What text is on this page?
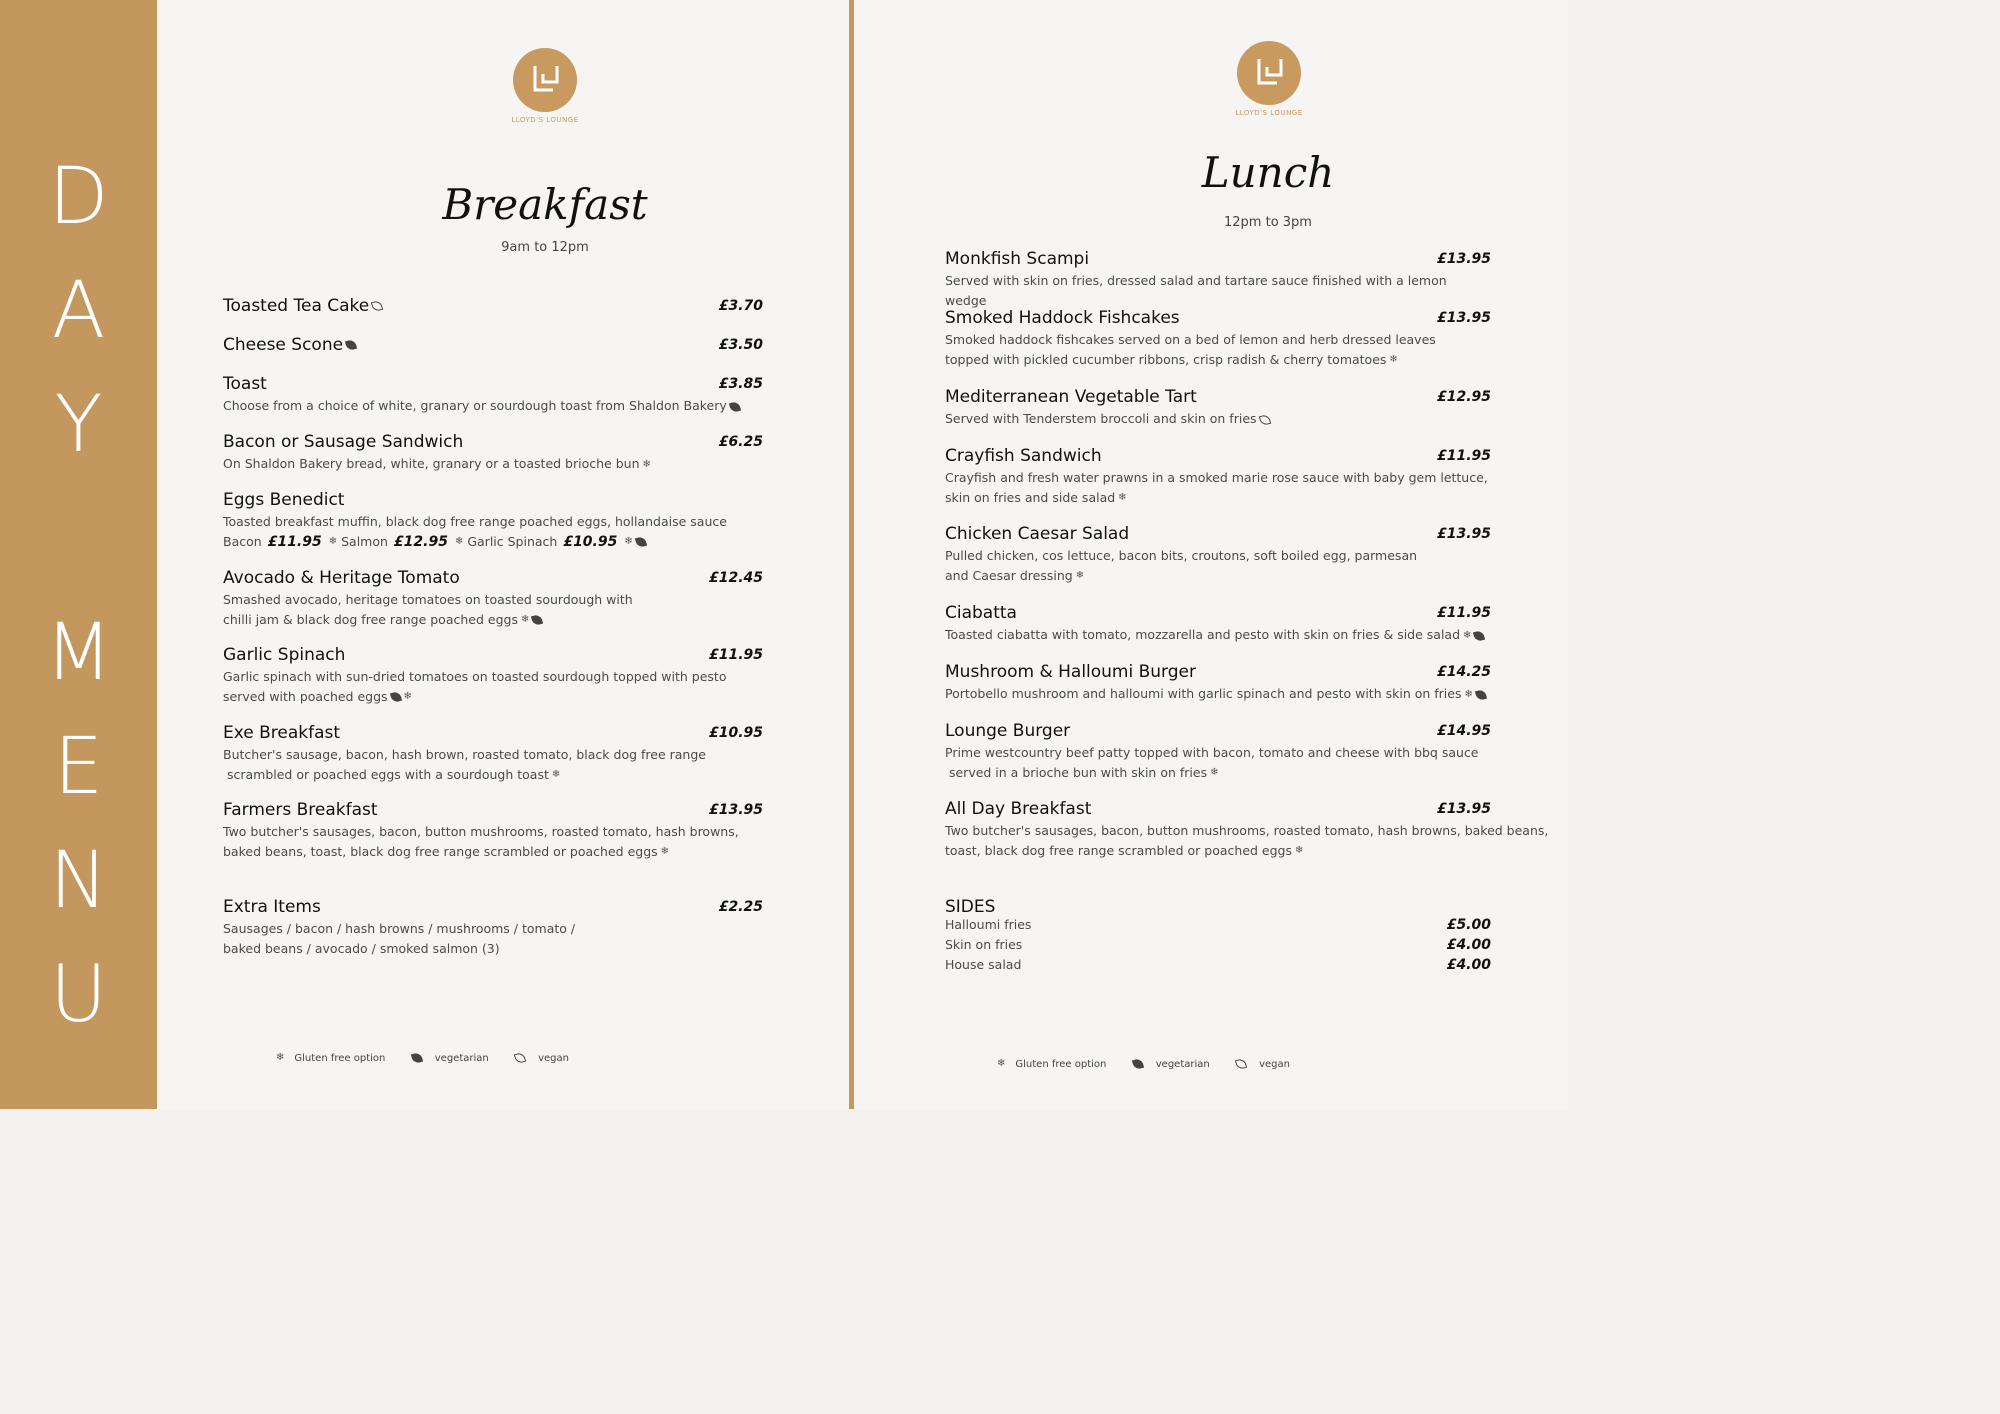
D
A
Y
M
E
N
U
LLOYD'S LOUNGE
Breakfast
9am to 12pm
Toasted Tea Cake	£3.70
Cheese Scone	£3.50
Toast	£3.85
Choose from a choice of white, granary or sourdough toast from Shaldon Bakery
Bacon or Sausage Sandwich	£6.25
On Shaldon Bakery bread, white, granary or a toasted brioche bun ❄
Eggs Benedict
Toasted breakfast muffin, black dog free range poached eggs, hollandaise sauce
Bacon £11.95 ❄ Salmon £12.95 ❄ Garlic Spinach £10.95 ❄
Avocado & Heritage Tomato	£12.45
Smashed avocado, heritage tomatoes on toasted sourdough with
chilli jam & black dog free range poached eggs ❄
Garlic Spinach	£11.95
Garlic spinach with sun-dried tomatoes on toasted sourdough topped with pesto
served with poached eggs ❄
Exe Breakfast	£10.95
Butcher's sausage, bacon, hash brown, roasted tomato, black dog free range
scrambled or poached eggs with a sourdough toast ❄
Farmers Breakfast	£13.95
Two butcher's sausages, bacon, button mushrooms, roasted tomato, hash browns,
baked beans, toast, black dog free range scrambled or poached eggs ❄
Extra Items	£2.25
Sausages / bacon / hash browns / mushrooms / tomato /
baked beans / avocado / smoked salmon (3)
❄ Gluten free option	vegetarian	vegan
LLOYD'S LOUNGE
Lunch
12pm to 3pm
Monkfish Scampi	£13.95
Served with skin on fries, dressed salad and tartare sauce finished with a lemon wedge
Smoked Haddock Fishcakes	£13.95
Smoked haddock fishcakes served on a bed of lemon and herb dressed leaves
topped with pickled cucumber ribbons, crisp radish & cherry tomatoes ❄
Mediterranean Vegetable Tart	£12.95
Served with Tenderstem broccoli and skin on fries
Crayfish Sandwich	£11.95
Crayfish and fresh water prawns in a smoked marie rose sauce with baby gem lettuce,
skin on fries and side salad ❄
Chicken Caesar Salad	£13.95
Pulled chicken, cos lettuce, bacon bits, croutons, soft boiled egg, parmesan
and Caesar dressing ❄
Ciabatta	£11.95
Toasted ciabatta with tomato, mozzarella and pesto with skin on fries & side salad ❄
Mushroom & Halloumi Burger	£14.25
Portobello mushroom and halloumi with garlic spinach and pesto with skin on fries ❄
Lounge Burger	£14.95
Prime westcountry beef patty topped with bacon, tomato and cheese with bbq sauce
served in a brioche bun with skin on fries ❄
All Day Breakfast	£13.95
Two butcher's sausages, bacon, button mushrooms, roasted tomato, hash browns, baked beans,
toast, black dog free range scrambled or poached eggs ❄
SIDES
Halloumi fries	£5.00
Skin on fries	£4.00
House salad	£4.00
❄ Gluten free option	vegetarian	vegan
